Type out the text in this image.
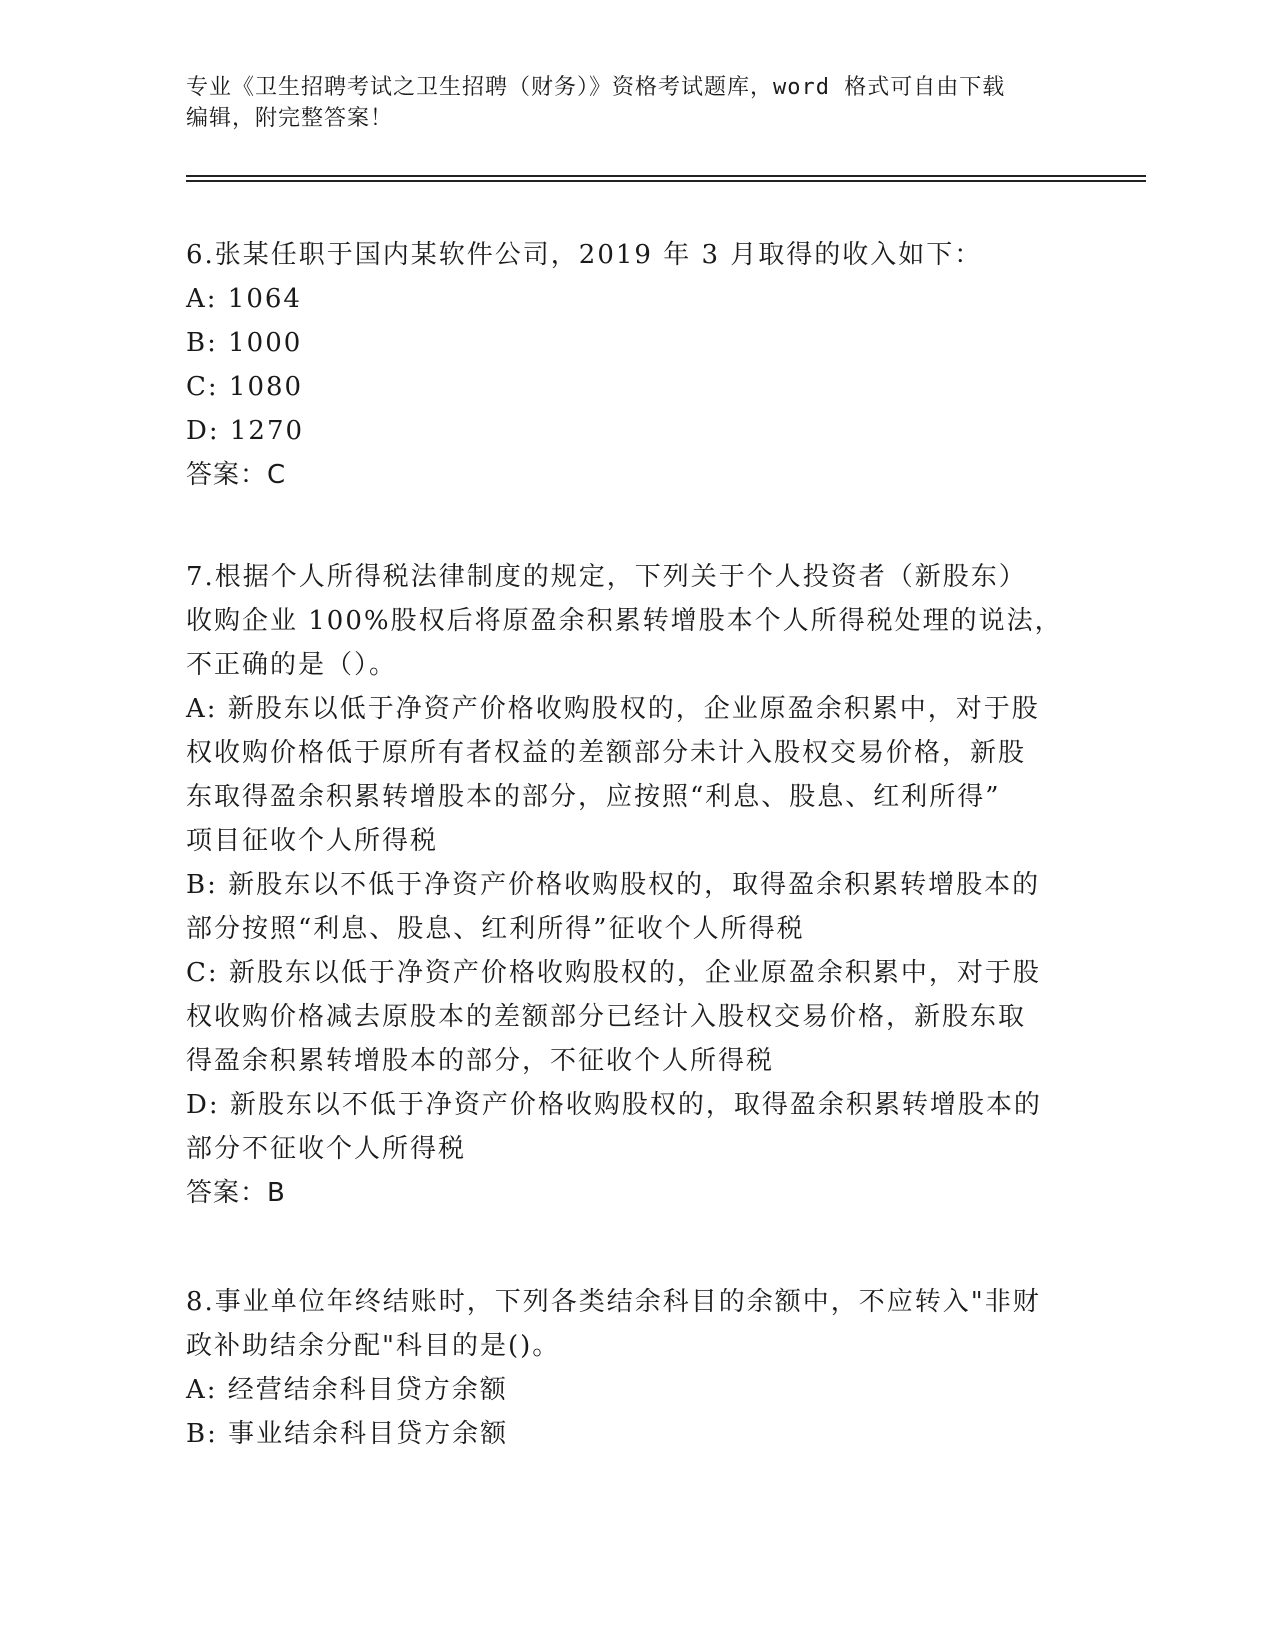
专业《卫生招聘考试之卫生招聘（财务）》资格考试题库，word 格式可自由下载
编辑，附完整答案！

6.张某任职于国内某软件公司，2019 年 3 月取得的收入如下：

A: 1064

B: 1000

C: 1080

D: 1270

答案：C

7.根据个人所得税法律制度的规定，下列关于个人投资者（新股东）

收购企业 100%股权后将原盈余积累转增股本个人所得税处理的说法，

不正确的是（）。

A: 新股东以低于净资产价格收购股权的，企业原盈余积累中，对于股

权收购价格低于原所有者权益的差额部分未计入股权交易价格，新股

东取得盈余积累转增股本的部分，应按照“利息、股息、红利所得”

项目征收个人所得税

B: 新股东以不低于净资产价格收购股权的，取得盈余积累转增股本的

部分按照“利息、股息、红利所得”征收个人所得税

C: 新股东以低于净资产价格收购股权的，企业原盈余积累中，对于股

权收购价格减去原股本的差额部分已经计入股权交易价格，新股东取

得盈余积累转增股本的部分，不征收个人所得税

D: 新股东以不低于净资产价格收购股权的，取得盈余积累转增股本的

部分不征收个人所得税

答案：B

8.事业单位年终结账时，下列各类结余科目的余额中，不应转入"非财

政补助结余分配"科目的是()。

A: 经营结余科目贷方余额

B: 事业结余科目贷方余额
